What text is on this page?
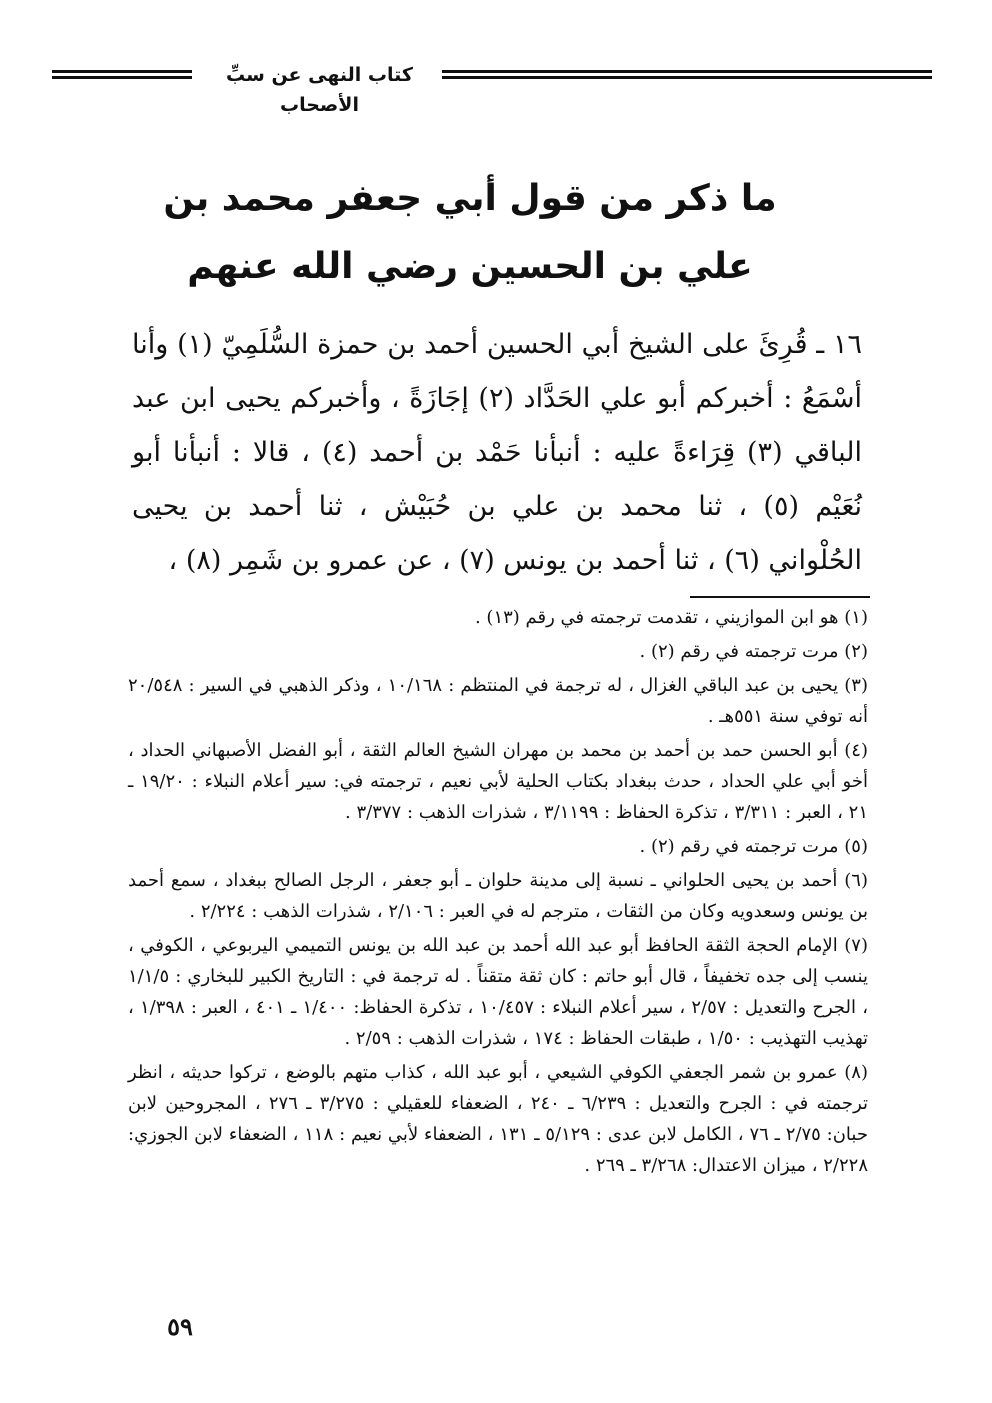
كتاب النهى عن سبِّ الأصحاب
ما ذكر من قول أبي جعفر محمد بن
علي بن الحسين رضي الله عنهم
١٦ ـ قُرِئَ على الشيخ أبي الحسين أحمد بن حمزة السُّلَمِيّ (١) وأنا أسْمَعُ : أخبركم أبو علي الحَدَّاد (٢) إجَازَةً ، وأخبركم يحيى ابن عبد الباقي (٣) قِرَاءةً عليه : أنبأنا حَمْد بن أحمد (٤) ، قالا : أنبأنا أبو نُعَيْم (٥) ، ثنا محمد بن علي بن حُبَيْش ، ثنا أحمد بن يحيى الحُلْواني (٦) ، ثنا أحمد بن يونس (٧) ، عن عمرو بن شَمِر (٨) ،

(١) هو ابن الموازيني ، تقدمت ترجمته في رقم (١٣) .

(٢) مرت ترجمته في رقم (٢) .

(٣) يحيى بن عبد الباقي الغزال ، له ترجمة في المنتظم : ١٠/١٦٨ ، وذكر الذهبي في السير : ٢٠/٥٤٨ أنه توفي سنة ٥٥١هـ .

(٤) أبو الحسن حمد بن أحمد بن محمد بن مهران الشيخ العالم الثقة ، أبو الفضل الأصبهاني الحداد ، أخو أبي علي الحداد ، حدث ببغداد بكتاب الحلية لأبي نعيم ، ترجمته في: سير أعلام النبلاء : ١٩/٢٠ ـ ٢١ ، العبر : ٣/٣١١ ، تذكرة الحفاظ : ٣/١١٩٩ ، شذرات الذهب : ٣/٣٧٧ .

(٥) مرت ترجمته في رقم (٢) .

(٦) أحمد بن يحيى الحلواني ـ نسبة إلى مدينة حلوان ـ أبو جعفر ، الرجل الصالح ببغداد ، سمع أحمد بن يونس وسعدويه وكان من الثقات ، مترجم له في العبر : ٢/١٠٦ ، شذرات الذهب : ٢/٢٢٤ .

(٧) الإمام الحجة الثقة الحافظ أبو عبد الله أحمد بن عبد الله بن يونس التميمي اليربوعي ، الكوفي ، ينسب إلى جده تخفيفاً ، قال أبو حاتم : كان ثقة متقناً . له ترجمة في : التاريخ الكبير للبخاري : ١/١/٥ ، الجرح والتعديل : ٢/٥٧ ، سير أعلام النبلاء : ١٠/٤٥٧ ، تذكرة الحفاظ: ١/٤٠٠ ـ ٤٠١ ، العبر : ١/٣٩٨ ، تهذيب التهذيب : ١/٥٠ ، طبقات الحفاظ : ١٧٤ ، شذرات الذهب : ٢/٥٩ .

(٨) عمرو بن شمر الجعفي الكوفي الشيعي ، أبو عبد الله ، كذاب متهم بالوضع ، تركوا حديثه ، انظر ترجمته في : الجرح والتعديل : ٦/٢٣٩ ـ ٢٤٠ ، الضعفاء للعقيلي : ٣/٢٧٥ ـ ٢٧٦ ، المجروحين لابن حبان: ٢/٧٥ ـ ٧٦ ، الكامل لابن عدى : ٥/١٢٩ ـ ١٣١ ، الضعفاء لأبي نعيم : ١١٨ ، الضعفاء لابن الجوزي: ٢/٢٢٨ ، ميزان الاعتدال: ٣/٢٦٨ ـ ٢٦٩ .

٥٩
